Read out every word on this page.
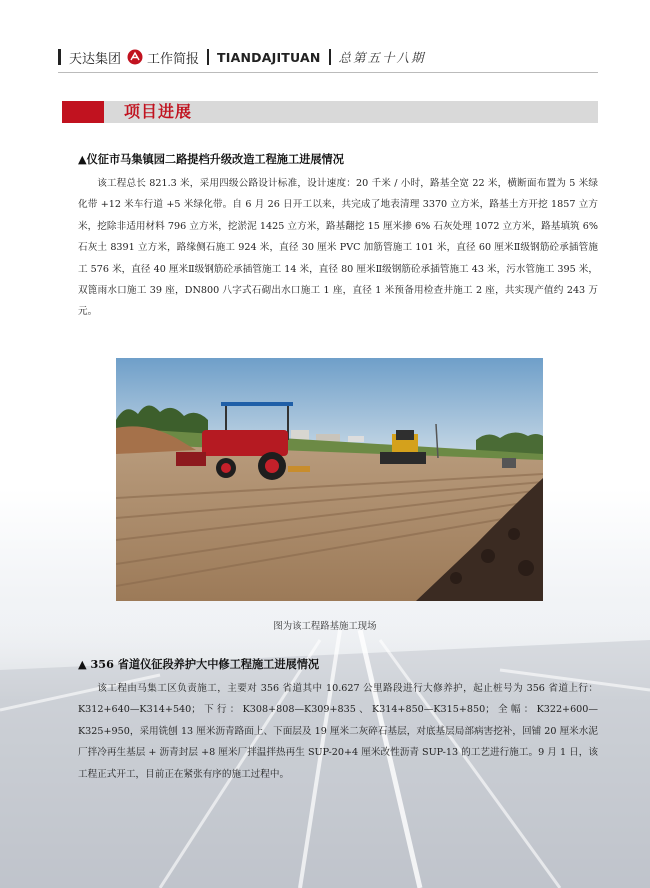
天达集团 工作简报 TIANDAJITUAN 总第五十八期
项目进展
▲仪征市马集镇园二路提档升级改造工程施工进展情况
该工程总长 821.3 米，采用四级公路设计标准，设计速度：20 千米 / 小时，路基全宽 22 米，横断面布置为 5 米绿化带 +12 米车行道 +5 米绿化带。自 6 月 26 日开工以来，共完成了地表清理 3370 立方米，路基土方开挖 1857 立方米，挖除非适用材料 796 立方米，挖淤泥 1425 立方米，路基翻挖 15 厘米掺 6% 石灰处理 1072 立方米，路基填筑 6% 石灰土 8391 立方米，路缘侧石施工 924 米，直径 30 厘米 PVC 加筋管施工 101 米，直径 60 厘米Ⅱ级钢筋砼承插管施工 576 米，直径 40 厘米Ⅱ级钢筋砼承插管施工 14 米，直径 80 厘米Ⅱ级钢筋砼承插管施工 43 米，污水管施工 395 米，双篦雨水口施工 39 座，DN800 八字式石砌出水口施工 1 座，直径 1 米预备用检查井施工 2 座，共实现产值约 243 万元。
图为该工程路基施工现场
▲ 356 省道仪征段养护大中修工程施工进展情况
该工程由马集工区负责施工，主要对 356 省道其中 10.627 公里路段进行大修养护，起止桩号为 356 省道上行：K312+640—K314+540；下行：K308+808—K309+835、K314+850—K315+850；全幅：K322+600—K325+950，采用铣刨 13 厘米沥青路面上、下面层及 19 厘米二灰碎石基层，对底基层局部病害挖补，回铺 20 厘米水泥厂拌冷再生基层 + 沥青封层 +8 厘米厂拌温拌热再生 SUP-20+4 厘米改性沥青 SUP-13 的工艺进行施工。9 月 1 日，该工程正式开工，目前正在紧张有序的施工过程中。
